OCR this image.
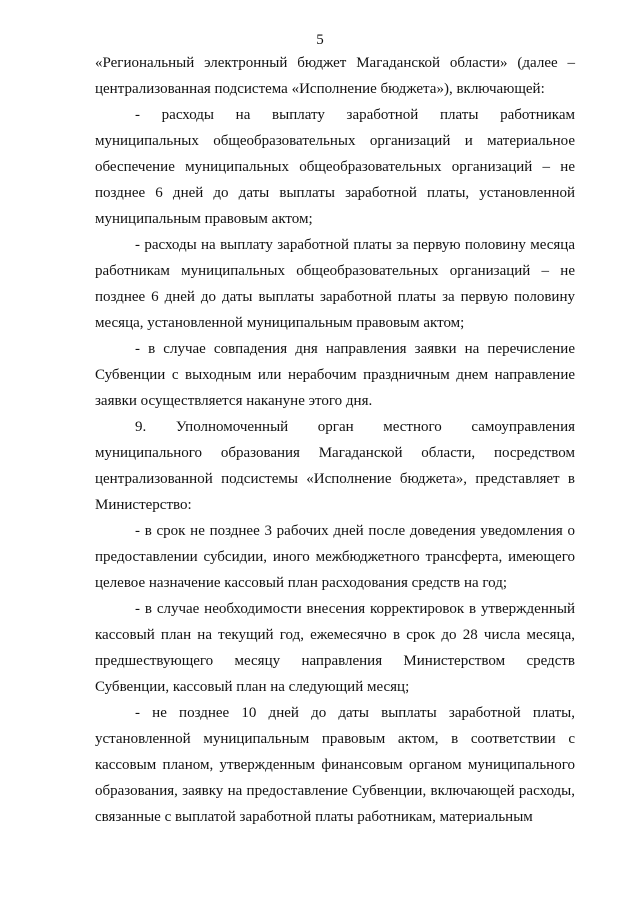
5

«Региональный электронный бюджет Магаданской области» (далее – централизованная подсистема «Исполнение бюджета»), включающей:

- расходы на выплату заработной платы работникам муниципальных общеобразовательных организаций и материальное обеспечение муниципальных общеобразовательных организаций – не позднее 6 дней до даты выплаты заработной платы, установленной муниципальным правовым актом;

- расходы на выплату заработной платы за первую половину месяца работникам муниципальных общеобразовательных организаций – не позднее 6 дней до даты выплаты заработной платы за первую половину месяца, установленной муниципальным правовым актом;

- в случае совпадения дня направления заявки на перечисление Субвенции с выходным или нерабочим праздничным днем направление заявки осуществляется накануне этого дня.

9. Уполномоченный орган местного самоуправления муниципального образования Магаданской области, посредством централизованной подсистемы «Исполнение бюджета», представляет в Министерство:

- в срок не позднее 3 рабочих дней после доведения уведомления о предоставлении субсидии, иного межбюджетного трансферта, имеющего целевое назначение кассовый план расходования средств на год;

- в случае необходимости внесения корректировок в утвержденный кассовый план на текущий год, ежемесячно в срок до 28 числа месяца, предшествующего месяцу направления Министерством средств Субвенции, кассовый план на следующий месяц;

- не позднее 10 дней до даты выплаты заработной платы, установленной муниципальным правовым актом, в соответствии с кассовым планом, утвержденным финансовым органом муниципального образования, заявку на предоставление Субвенции, включающей расходы, связанные с выплатой заработной платы работникам, материальным
